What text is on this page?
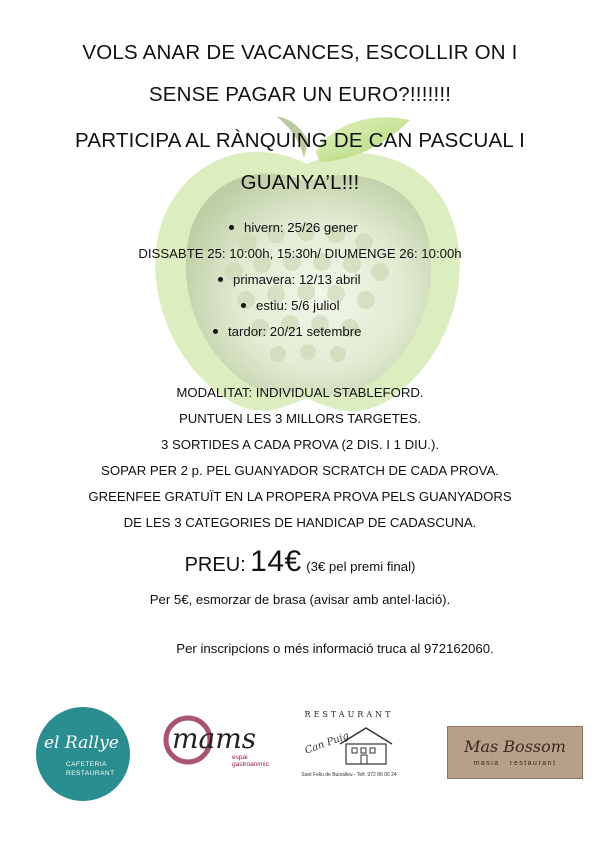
VOLS ANAR DE VACANCES, ESCOLLIR ON I
SENSE PAGAR UN EURO?!!!!!!!
PARTICIPA AL RÀNQUING DE CAN PASCUAL I
GUANYA’L!!!
hivern: 25/26 gener
DISSABTE 25: 10:00h, 15:30h/ DIUMENGE 26: 10:00h
primavera: 12/13 abril
estiu: 5/6 juliol
tardor: 20/21 setembre
MODALITAT: INDIVIDUAL STABLEFORD.
PUNTUEN LES 3 MILLORS TARGETES.
3 SORTIDES A CADA PROVA (2 DIS. I 1 DIU.).
SOPAR PER 2 p. PEL GUANYADOR SCRATCH DE CADA PROVA.
GREENFEE GRATUÏT EN LA PROPERA PROVA PELS GUANYADORS
DE LES 3 CATEGORIES DE HANDICAP DE CADASCUNA.
PREU: 14€ (3€ pel premi final)
Per 5€, esmorzar de brasa (avisar amb antel·lació).
Per inscripcions o més informació truca al 972162060.
el Rallye
CAFETERIA
RESTAURANT
mams
espai gastroanimic
RESTAURANT
Can Puig
Sant Feliu de Buixalleu - Telf. 972 86 00 24
Mas Bossom
masia   restaurant
